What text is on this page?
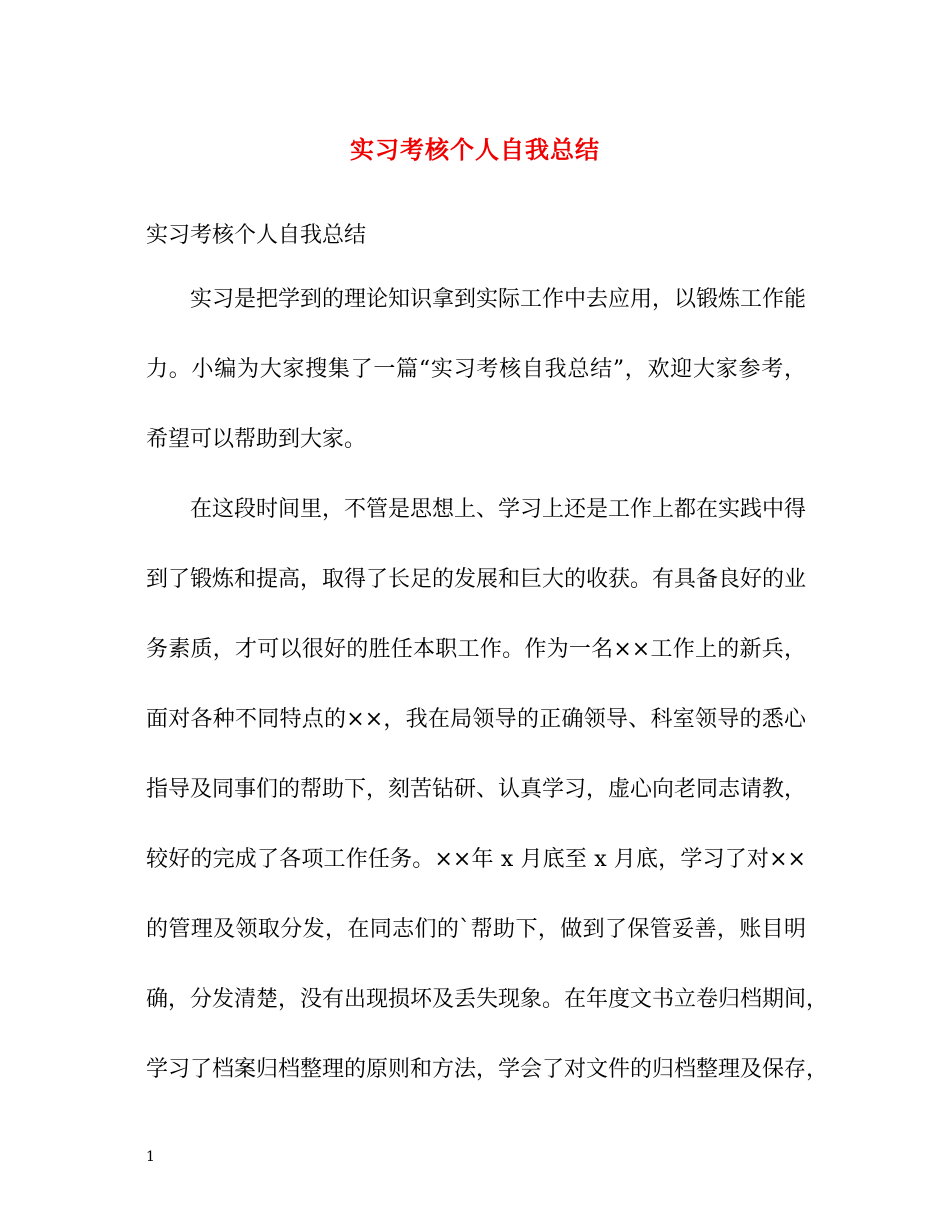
实习考核个人自我总结

实习考核个人自我总结

实习是把学到的理论知识拿到实际工作中去应用，以锻炼工作能

力。小编为大家搜集了一篇“实习考核自我总结”，欢迎大家参考，

希望可以帮助到大家。

在这段时间里，不管是思想上、学习上还是工作上都在实践中得

到了锻炼和提高，取得了长足的发展和巨大的收获。有具备良好的业

务素质，才可以很好的胜任本职工作。作为一名××工作上的新兵，

面对各种不同特点的××，我在局领导的正确领导、科室领导的悉心

指导及同事们的帮助下，刻苦钻研、认真学习，虚心向老同志请教，

较好的完成了各项工作任务。××年 x 月底至 x 月底，学习了对××

的管理及领取分发，在同志们的`帮助下，做到了保管妥善，账目明

确，分发清楚，没有出现损坏及丢失现象。在年度文书立卷归档期间，

学习了档案归档整理的原则和方法，学会了对文件的归档整理及保存，

1
